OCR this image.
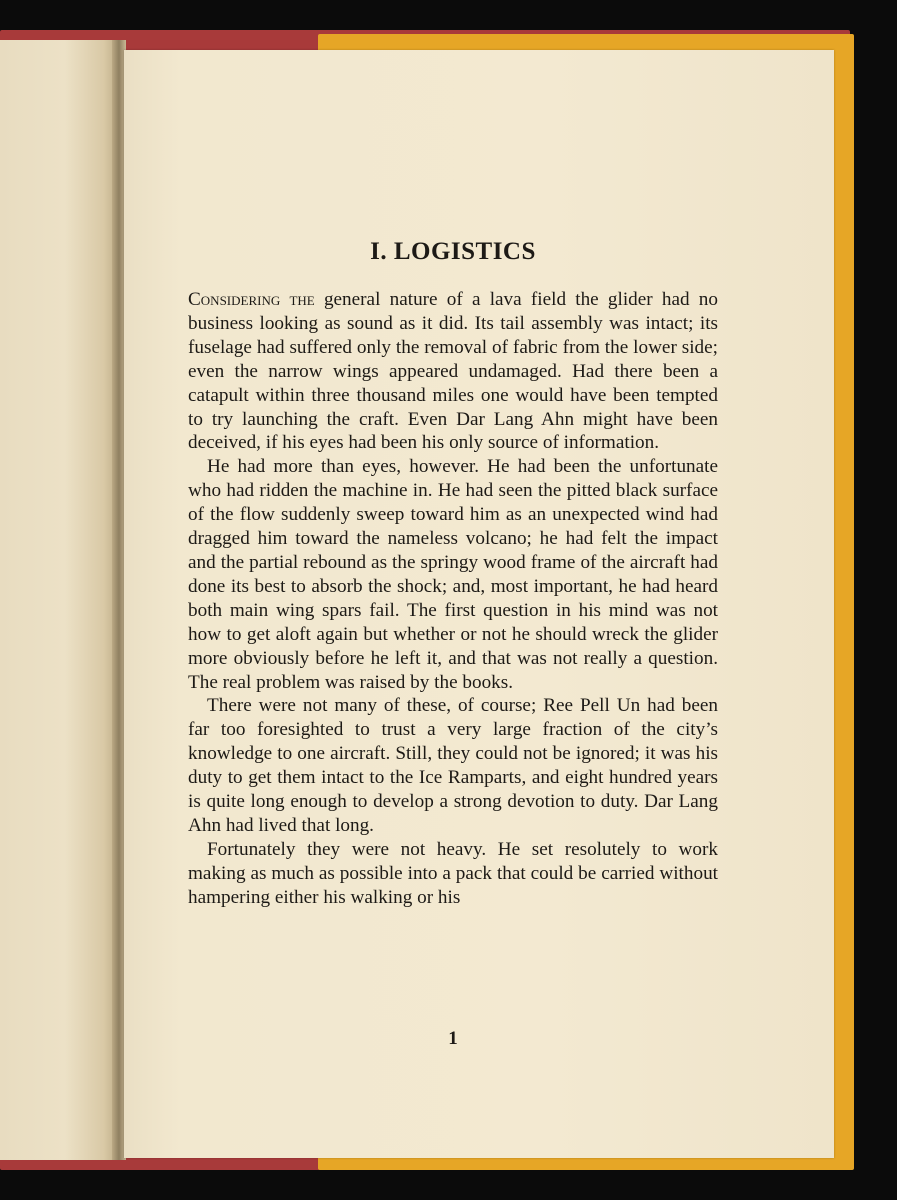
I. LOGISTICS

Considering the general nature of a lava field the glider had no business looking as sound as it did. Its tail assembly was intact; its fuselage had suffered only the removal of fabric from the lower side; even the narrow wings appeared undamaged. Had there been a catapult within three thousand miles one would have been tempted to try launching the craft. Even Dar Lang Ahn might have been deceived, if his eyes had been his only source of information.

He had more than eyes, however. He had been the unfortunate who had ridden the machine in. He had seen the pitted black surface of the flow suddenly sweep toward him as an unexpected wind had dragged him toward the nameless volcano; he had felt the impact and the partial rebound as the springy wood frame of the aircraft had done its best to absorb the shock; and, most important, he had heard both main wing spars fail. The first question in his mind was not how to get aloft again but whether or not he should wreck the glider more obviously before he left it, and that was not really a question. The real problem was raised by the books.

There were not many of these, of course; Ree Pell Un had been far too foresighted to trust a very large fraction of the city’s knowledge to one aircraft. Still, they could not be ignored; it was his duty to get them intact to the Ice Ramparts, and eight hundred years is quite long enough to develop a strong devotion to duty. Dar Lang Ahn had lived that long.

Fortunately they were not heavy. He set resolutely to work making as much as possible into a pack that could be carried without hampering either his walking or his

1
